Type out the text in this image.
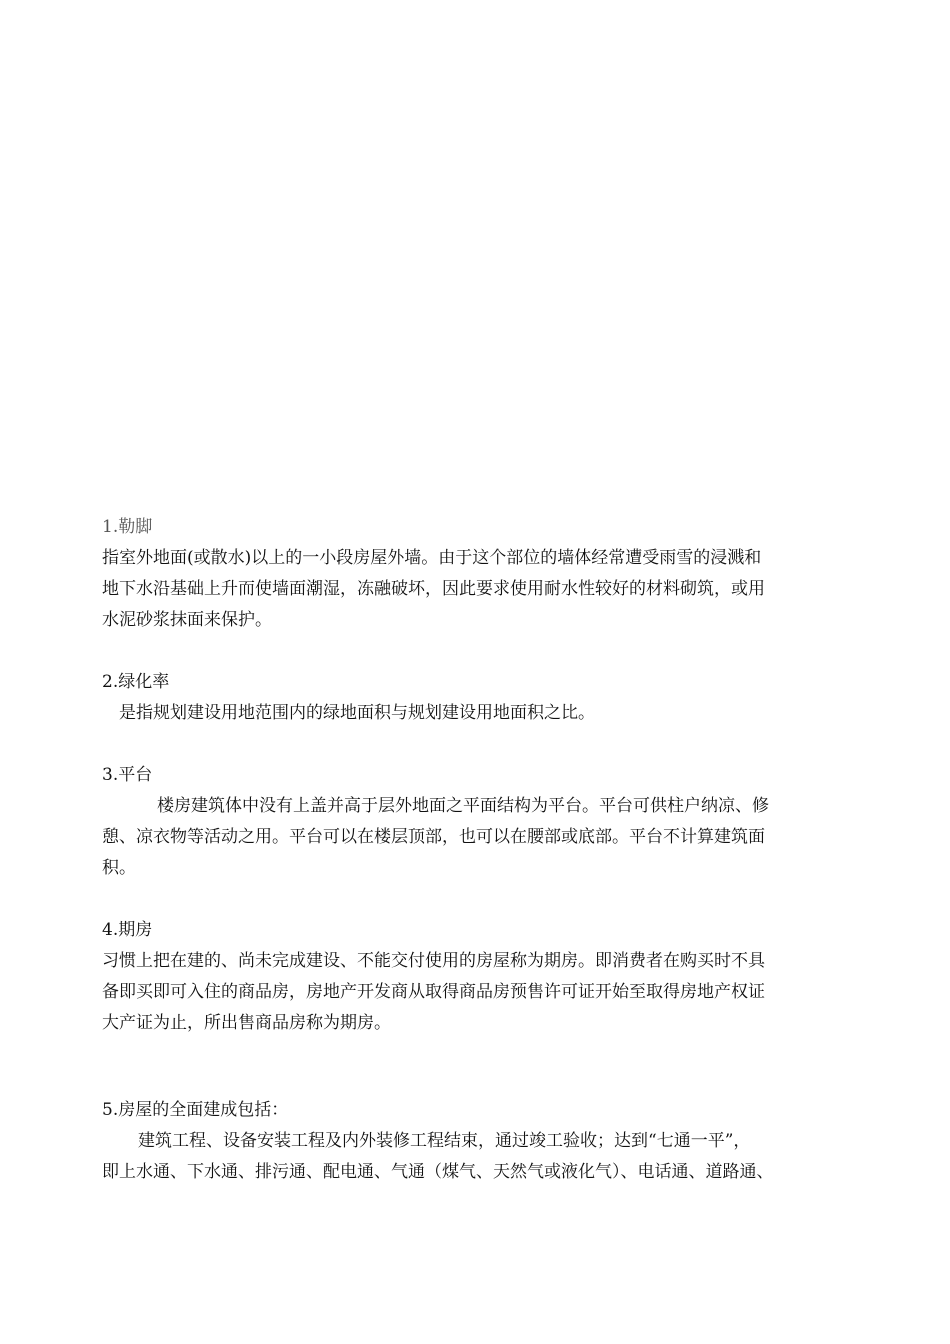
1.勒脚
指室外地面(或散水)以上的一小段房屋外墙。由于这个部位的墙体经常遭受雨雪的浸溅和
地下水沿基础上升而使墙面潮湿，冻融破坏，因此要求使用耐水性较好的材料砌筑，或用
水泥砂浆抹面来保护。
2.绿化率
是指规划建设用地范围内的绿地面积与规划建设用地面积之比。
3.平台
楼房建筑体中没有上盖并高于层外地面之平面结构为平台。平台可供柱户纳凉、修
憩、凉衣物等活动之用。平台可以在楼层顶部，也可以在腰部或底部。平台不计算建筑面
积。
4.期房
习惯上把在建的、尚未完成建设、不能交付使用的房屋称为期房。即消费者在购买时不具
备即买即可入住的商品房，房地产开发商从取得商品房预售许可证开始至取得房地产权证
大产证为止，所出售商品房称为期房。
5.房屋的全面建成包括：
建筑工程、设备安装工程及内外装修工程结束，通过竣工验收；达到“七通一平”，
即上水通、下水通、排污通、配电通、气通（煤气、天然气或液化气）、电话通、道路通、
